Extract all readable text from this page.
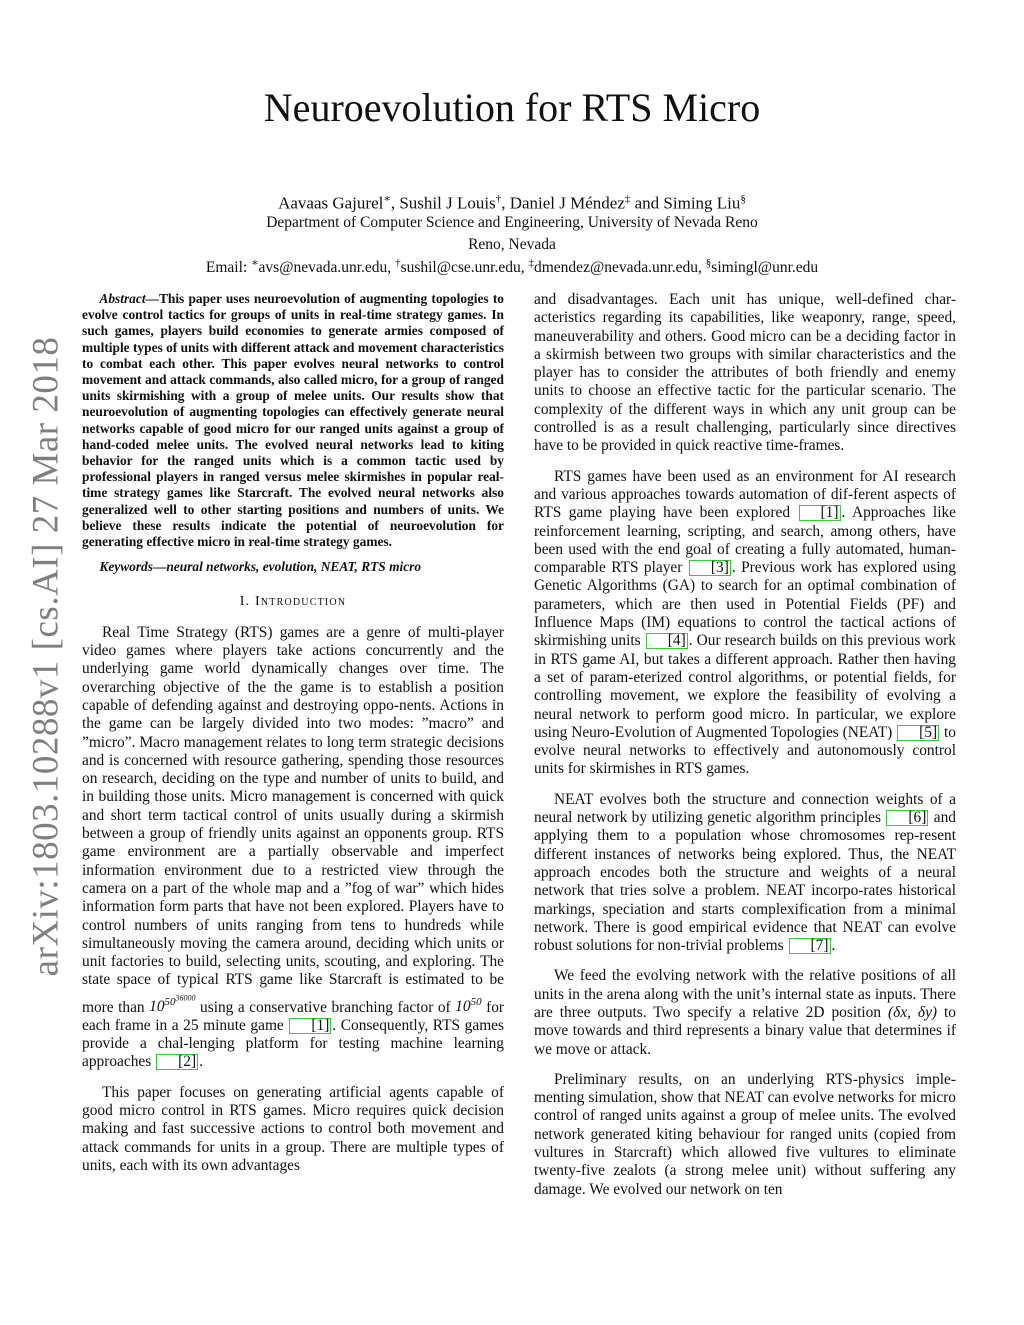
arXiv:1803.10288v1 [cs.AI] 27 Mar 2018
Neuroevolution for RTS Micro
Aavaas Gajurel∗, Sushil J Louis†, Daniel J Méndez‡ and Siming Liu§
Department of Computer Science and Engineering, University of Nevada Reno
Reno, Nevada
Email: ∗avs@nevada.unr.edu, †sushil@cse.unr.edu, ‡dmendez@nevada.unr.edu, §simingl@unr.edu
Abstract—This paper uses neuroevolution of augmenting topologies to evolve control tactics for groups of units in real-time strategy games. In such games, players build economies to generate armies composed of multiple types of units with different attack and movement characteristics to combat each other. This paper evolves neural networks to control movement and attack commands, also called micro, for a group of ranged units skirmishing with a group of melee units. Our results show that neuroevolution of augmenting topologies can effectively generate neural networks capable of good micro for our ranged units against a group of hand-coded melee units. The evolved neural networks lead to kiting behavior for the ranged units which is a common tactic used by professional players in ranged versus melee skirmishes in popular real-time strategy games like Starcraft. The evolved neural networks also generalized well to other starting positions and numbers of units. We believe these results indicate the potential of neuroevolution for generating effective micro in real-time strategy games.
Keywords—neural networks, evolution, NEAT, RTS micro
I. Introduction

Real Time Strategy (RTS) games are a genre of multi-player video games where players take actions concurrently and the underlying game world dynamically changes over time. The overarching objective of the the game is to establish a position capable of defending against and destroying oppo-nents. Actions in the game can be largely divided into two modes: ”macro” and ”micro”. Macro management relates to long term strategic decisions and is concerned with resource gathering, spending those resources on research, deciding on the type and number of units to build, and in building those units. Micro management is concerned with quick and short term tactical control of units usually during a skirmish between a group of friendly units against an opponents group. RTS game environment are a partially observable and imperfect information environment due to a restricted view through the camera on a part of the whole map and a ”fog of war” which hides information form parts that have not been explored. Players have to control numbers of units ranging from tens to hundreds while simultaneously moving the camera around, deciding which units or unit factories to build, selecting units, scouting, and exploring. The state space of typical RTS game like Starcraft is estimated to be more than $10^{50^{36000}}$ using a conservative branching factor of $10^{50}$ for each frame in a 25 minute game [1] . Consequently, RTS games provide a chal-lenging platform for testing machine learning approaches [2] .

This paper focuses on generating artificial agents capable of good micro control in RTS games. Micro requires quick decision making and fast successive actions to control both movement and attack commands for units in a group. There are multiple types of units, each with its own advantages

and disadvantages. Each unit has unique, well-defined char-acteristics regarding its capabilities, like weaponry, range, speed, maneuverability and others. Good micro can be a deciding factor in a skirmish between two groups with similar characteristics and the player has to consider the attributes of both friendly and enemy units to choose an effective tactic for the particular scenario. The complexity of the different ways in which any unit group can be controlled is as a result challenging, particularly since directives have to be provided in quick reactive time-frames.

RTS games have been used as an environment for AI research and various approaches towards automation of dif-ferent aspects of RTS game playing have been explored [1] . Approaches like reinforcement learning, scripting, and search, among others, have been used with the end goal of creating a fully automated, human-comparable RTS player [3] . Previous work has explored using Genetic Algorithms (GA) to search for an optimal combination of parameters, which are then used in Potential Fields (PF) and Influence Maps (IM) equations to control the tactical actions of skirmishing units [4] . Our research builds on this previous work in RTS game AI, but takes a different approach. Rather then having a set of param-eterized control algorithms, or potential fields, for controlling movement, we explore the feasibility of evolving a neural network to perform good micro. In particular, we explore using Neuro-Evolution of Augmented Topologies (NEAT) [5] to evolve neural networks to effectively and autonomously control units for skirmishes in RTS games.

NEAT evolves both the structure and connection weights of a neural network by utilizing genetic algorithm principles [6] and applying them to a population whose chromosomes rep-resent different instances of networks being explored. Thus, the NEAT approach encodes both the structure and weights of a neural network that tries solve a problem. NEAT incorpo-rates historical markings, speciation and starts complexification from a minimal network. There is good empirical evidence that NEAT can evolve robust solutions for non-trivial problems [7] .

We feed the evolving network with the relative positions of all units in the arena along with the unit’s internal state as inputs. There are three outputs. Two specify a relative 2D position (δx, δy) to move towards and third represents a binary value that determines if we move or attack.

Preliminary results, on an underlying RTS-physics imple-menting simulation, show that NEAT can evolve networks for micro control of ranged units against a group of melee units. The evolved network generated kiting behaviour for ranged units (copied from vultures in Starcraft) which allowed five vultures to eliminate twenty-five zealots (a strong melee unit) without suffering any damage. We evolved our network on ten
